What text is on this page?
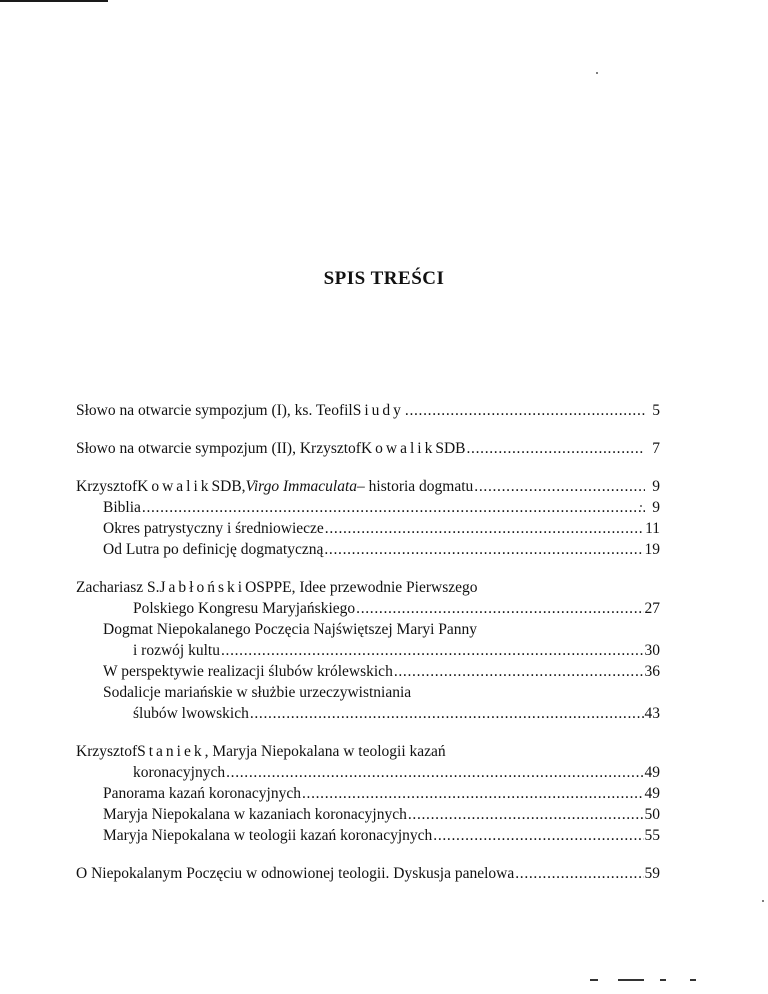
SPIS TREŚCI
Słowo na otwarcie sympozjum (I), ks. Teofil Siudy . . .	5
Słowo na otwarcie sympozjum (II), Krzysztof Kowalik SDB . . .	7
Krzysztof Kowalik SDB, Virgo Immaculata – historia dogmatu . . .	9
Biblia . . .	9
Okres patrystyczny i średniowiecze . . .	11
Od Lutra po definicję dogmatyczną . . .	19
Zachariasz S. Jabłoński OSPPE, Idee przewodnie Pierwszego
Polskiego Kongresu Maryjańskiego . . .	27
Dogmat Niepokalanego Poczęcia Najświętszej Maryi Panny
i rozwój kultu . . .	30
W perspektywie realizacji ślubów królewskich . . .	36
Sodalicje mariańskie w służbie urzeczywistniania
ślubów lwowskich . . .	43
Krzysztof Staniek , Maryja Niepokalana w teologii kazań
koronacyjnych . . .	49
Panorama kazań koronacyjnych . . .	49
Maryja Niepokalana w kazaniach koronacyjnych . . .	50
Maryja Niepokalana w teologii kazań koronacyjnych . . .	55
O Niepokalanym Poczęciu w odnowionej teologii. Dyskusja panelowa . . .	59
